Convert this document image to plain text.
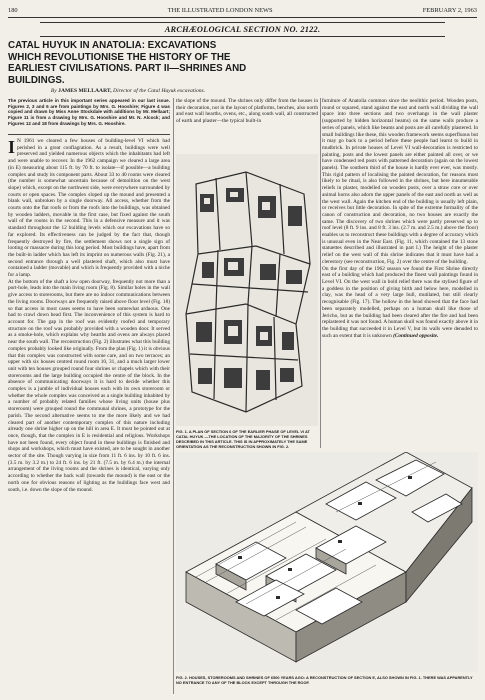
180	THE ILLUSTRATED LONDON NEWS	FEBRUARY 2, 1963
ARCHÆOLOGICAL SECTION NO. 2122.
CATAL HUYUK IN ANATOLIA: EXCAVATIONS WHICH REVOLUTIONISE THE HISTORY OF THE EARLIEST CIVILISATIONS. PART II—SHRINES AND BUILDINGS.
By JAMES MELLAART, Director of the Catal Huyuk excavations.
The previous article in this important series appeared in our last issue. Figures 2, 3 and 6 are from paintings by Mrs. G. Hooshire; Figure 4 was copied and drawn by Miss Anne Stockdale with additions by Mr. Mellaart; Figure 11 is from a drawing by Mrs. G. Hooshire and Mr. N. Alcock; and Figures 12 and 18 from drawings by Mrs. G. Hooshire.
I N 1961 we cleared a few houses of building-level VI which had perished in a great conflagration. As a result, buildings were well preserved and yielded numerous objects which the inhabitants had left and were unable to recover. In the 1962 campaign we cleared a large area (in E) measuring about 115 ft. by 70 ft. to isolate—if possible—a building complex and study its component parts. About 33 to 40 rooms were cleared (the number is somewhat uncertain because of demolition on the west slope) which, except on the northwest side, were everywhere surrounded by courts or open spaces. The complex sloped up the mound and presented a blank wall, unbroken by a single doorway. All access, whether from the courts onto the flat roofs or from the roofs into the buildings, was obtained by wooden ladders, movable in the first case, but fixed against the south wall of the rooms in the second. This in a defensive measure and it was standard throughout the 12 building levels which our excavations have so far explored. Its effectiveness can be judged by the fact that, though frequently destroyed by fire, the settlement shows not a single sign of looting or massacre during this long period. Most buildings have, apart from the built-in ladder which has left its imprint on numerous walls (Fig. 21), a second entrance through a well plastered shaft, which also must have contained a ladder (movable) and which is frequently provided with a niche for a lamp.
At the bottom of the shaft a low open doorway, frequently not more than a port-hole, leads into the main living room (Fig. 8). Similar holes in the wall give access to storerooms, but there are no indoor communications between the living rooms. Doorways are frequently raised above floor level (Fig. 18) so that access in most cases seems to have been somewhat arduous. One had to crawl down head first. The inconvenience of this system is hard to account for. The gap in the roof was evidently roofed and temporary structure on the roof was probably provided with a wooden door. It served as a smoke-hole, which explains why hearths and ovens are always placed near the south wall. The reconstruction (Fig. 2) illustrates what this building complex probably looked like originally. From the plan (Fig. 1) it is obvious that this complex was constructed with some care, and on two terraces; an upper with six houses centred round room 10, 31, and a much larger lower unit with ten houses grouped round four shrines or chapels which with their storerooms and the large building occupied the centre of the block. In the absence of communicating doorways it is hard to decide whether this complex is a jumble of individual houses each with its own storeroom or whether the whole complex was conceived as a single building inhabited by a number of probably related families whose living units (house plus storeroom) were grouped round the communal shrines, a prototype for the parish. The second alternative seems to me the more likely and we had cleared part of another contemporary complex of this nature including already one shrine higher up on the hill in area E. It must be pointed out at once, though, that the complex in E is residential and religious. Workshops have not been found, every object found in these buildings is finished and shops and workshops, which must have existed, are to be sought in another sector of the site. Though varying in size from 11 ft. 6 ins. by 10 ft. 6 ins. (3.5 m. by 3.2 m.) to 24 ft. 6 ins. by 21 ft. (7.5 m. by 6.4 m.) the internal arrangement of the living rooms and the shrines is identical, varying only according to whether the back wall (towards the mound) is the east or the north one for obvious reasons of lighting as the buildings face west and south, i.e. down the slope of the mound.
the slope of the mound. The shrines only differ from the houses in their decoration, not in the layout of platforms, benches, also north and east wall hearths, ovens, etc., along south wall, all constructed of earth and plaster—the typical built-in
furniture of Anatolia common since the neolithic period. Wooden posts, round or squared, stand against the east and north wall dividing the wall space into three sections and two overhangs in the wall plaster (supported by hidden horizontal beams) on the same walls produce a series of panels, which like beams and posts are all carefully plastered. In small buildings like these, this wooden framework seems superfluous but it may go back to a period before these people had learnt to build in mudbrick. In private houses of Level VI wall-decoration is restricted to painting, posts and the lowest panels are either painted all over, or we have condensed red posts with patterned decoration (again on the lowest panels). The southern third of the house is hardly ever ever, was mostly. This rigid pattern of localising the painted decoration, for reasons most likely to be ritual, is also followed in the shrines, but here innumerable reliefs in plaster, modelled on wooden posts, over a straw core or over animal horns also adorn the upper panels of the east and north as well as the west wall. Again the kitchen end of the building is usually left plain, or receives but little decoration. In spite of the extreme formality of the canon of construction and decoration, no two houses are exactly the same. The discovery of two shrines which were partly preserved up to roof level (8 ft. 9 ins. and 8 ft. 3 ins. (2.7 m. and 2.5 m.) above the floor) enables us to reconstruct these buildings with a degree of accuracy which is unusual even in the Near East. (Fig. 11, which contained the 13 stone statuettes described and illustrated in part I.) The height of the plaster relief on the west wall of this shrine indicates that it must have had a clerestory (see reconstruction, Fig. 2) over the centre of the building.
On the first day of the 1962 season we found the First Shrine directly east of a building which had produced the finest wall paintings found in Level VI. On the west wall in bold relief there was the stylised figure of a goddess in the position of giving birth and below here, modelled in clay, was the head of a very large bull, mutilated, but still clearly recognisable (Fig. 17). The hollow in the head showed that the face had been separately modelled, perhaps on a human skull like those of Jericho, but as the building had been cleared after the fire and had been replastered it was not found. A human skull was found exactly above it in the building that succeeded it in Level V, but its walls were denuded to such an extent that it is unknown (Continued opposite.
FIG. 1. A PLAN OF SECTION 6 OF THE EARLIER PHASE OF LEVEL VI AT CATAL HUYUK —THE LOCATION OF THE MAJORITY OF THE SHRINES DESCRIBED IN THIS ARTICLE. THIS IS IN APPROXIMATELY THE SAME ORIENTATION AS THE RECONSTRUCTION SHOWN IN FIG. 2.
FIG. 2. HOUSES, STOREROOMS AND SHRINES OF 6500 YEARS AGO: A RECONSTRUCTION OF SECTION E, ALSO SHOWN IN FIG. 1. THERE WAS APPARENTLY NO ENTRANCE TO ANY OF THE BLOCK EXCEPT THROUGH THE ROOF.
